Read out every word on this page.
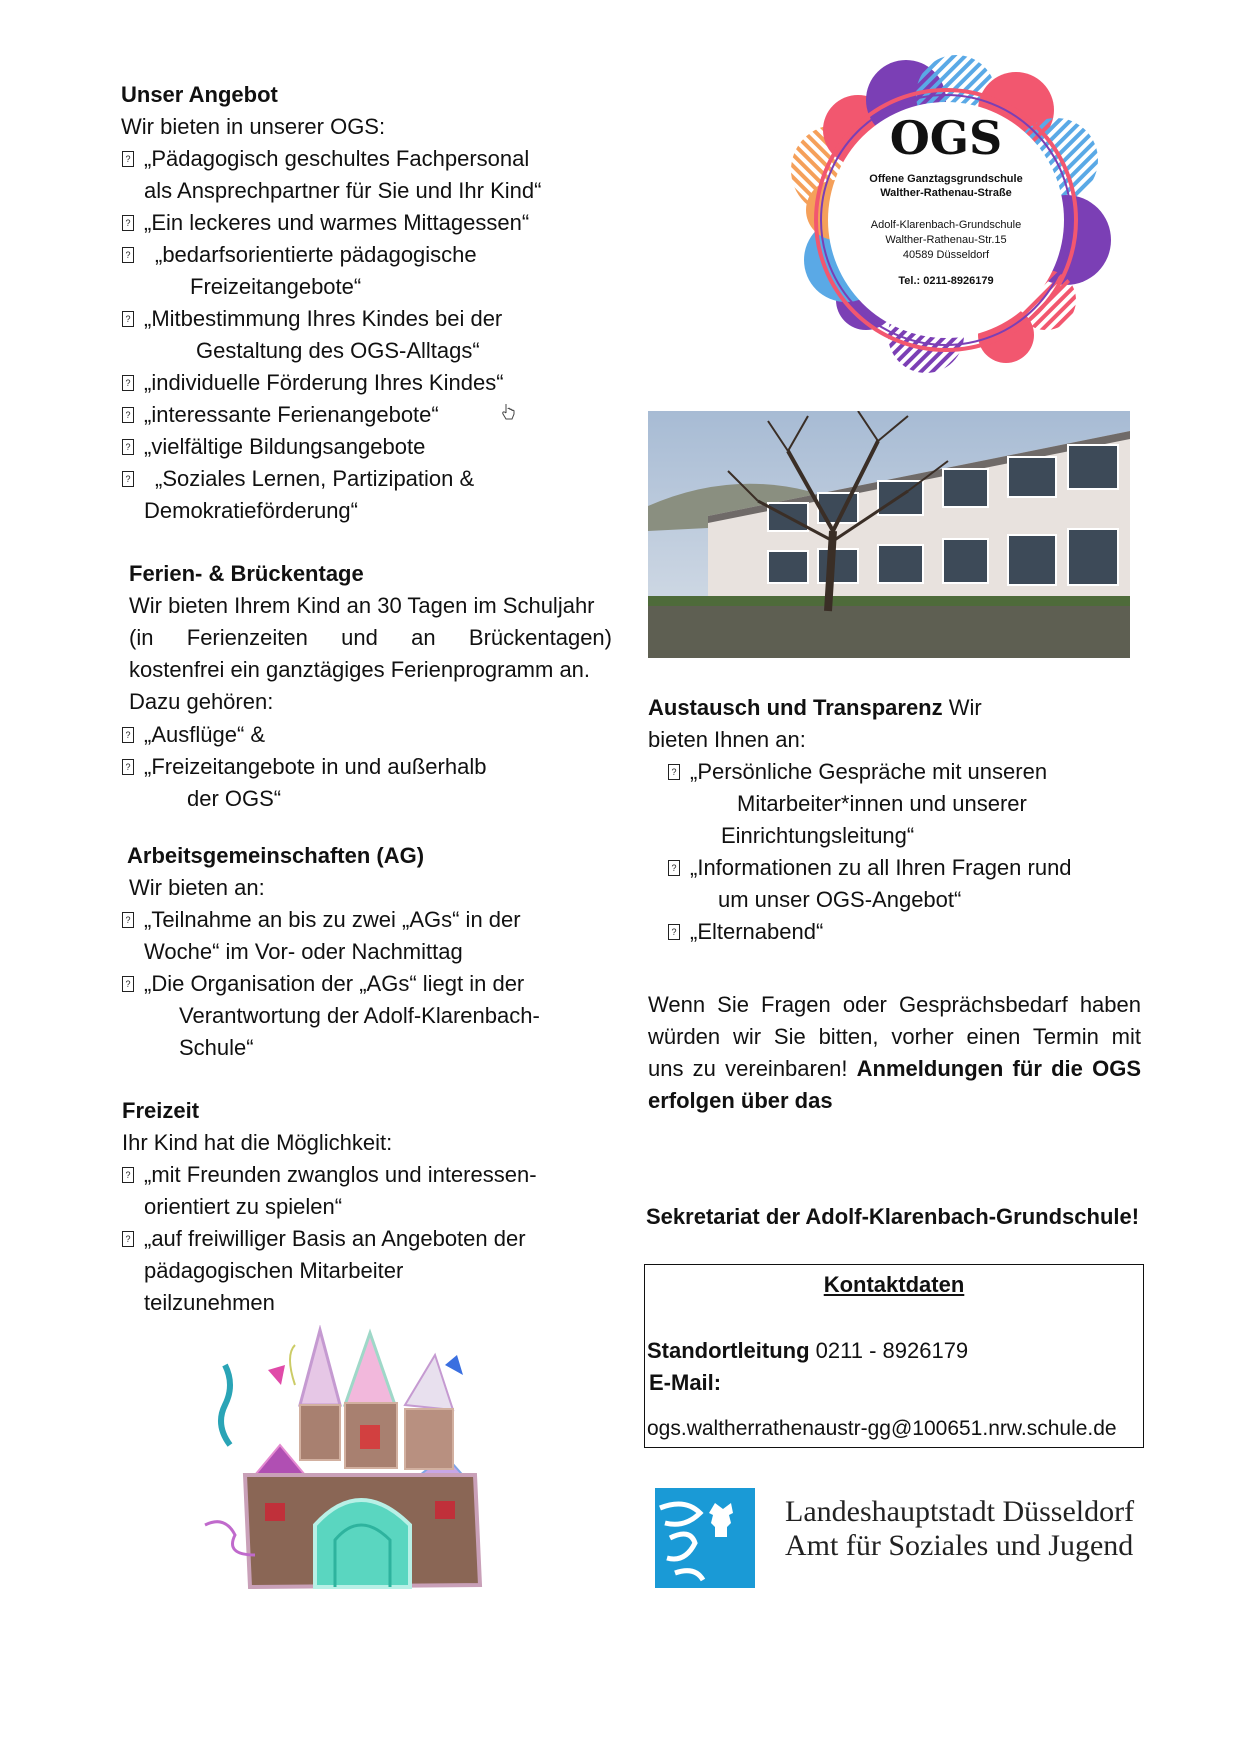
Unser Angebot
Wir bieten in unserer OGS:
? „Pädagogisch geschultes Fachpersonal
als Ansprechpartner für Sie und Ihr Kind“
? „Ein leckeres und warmes Mittagessen“
? „bedarfsorientierte pädagogische
Freizeitangebote“
? „Mitbestimmung Ihres Kindes bei der
Gestaltung des OGS-Alltags“
? „individuelle Förderung Ihres Kindes“
? „interessante Ferienangebote“
? „vielfältige Bildungsangebote
? „Soziales Lernen, Partizipation &
Demokratieförderung“
Ferien- & Brückentage
Wir bieten Ihrem Kind an 30 Tagen im Schuljahr
(in Ferienzeiten und an Brückentagen)
kostenfrei ein ganztägiges Ferienprogramm an.
Dazu gehören:
? „Ausflüge“ &
? „Freizeitangebote in und außerhalb
der OGS“
Arbeitsgemeinschaften (AG)
Wir bieten an:
? „Teilnahme an bis zu zwei „AGs“ in der
Woche“ im Vor- oder Nachmittag
? „Die Organisation der „AGs“ liegt in der
Verantwortung der Adolf-Klarenbach-
Schule“
Freizeit
Ihr Kind hat die Möglichkeit:
? „mit Freunden zwanglos und interessen-
orientiert zu spielen“
? „auf freiwilliger Basis an Angeboten der
pädagogischen Mitarbeiter
teilzunehmen
OGS
Offene Ganztagsgrundschule
Walther-Rathenau-Straße
Adolf-Klarenbach-Grundschule
Walther-Rathenau-Str.15
40589 Düsseldorf
Tel.: 0211-8926179
Austausch und Transparenz Wir
bieten Ihnen an:
? „Persönliche Gespräche mit unseren
Mitarbeiter*innen und unserer
Einrichtungsleitung“
? „Informationen zu all Ihren Fragen rund
um unser OGS-Angebot“
? „Elternabend“
Wenn Sie Fragen oder Gesprächsbedarf haben
würden wir Sie bitten, vorher einen Termin mit
uns zu vereinbaren! Anmeldungen für die OGS
erfolgen über das
Sekretariat der Adolf-Klarenbach-Grundschule!
Kontaktdaten
Standortleitung 0211 - 8926179
E-Mail:
ogs.waltherrathenaustr-gg@100651.nrw.schule.de
Landeshauptstadt Düsseldorf
Amt für Soziales und Jugend
